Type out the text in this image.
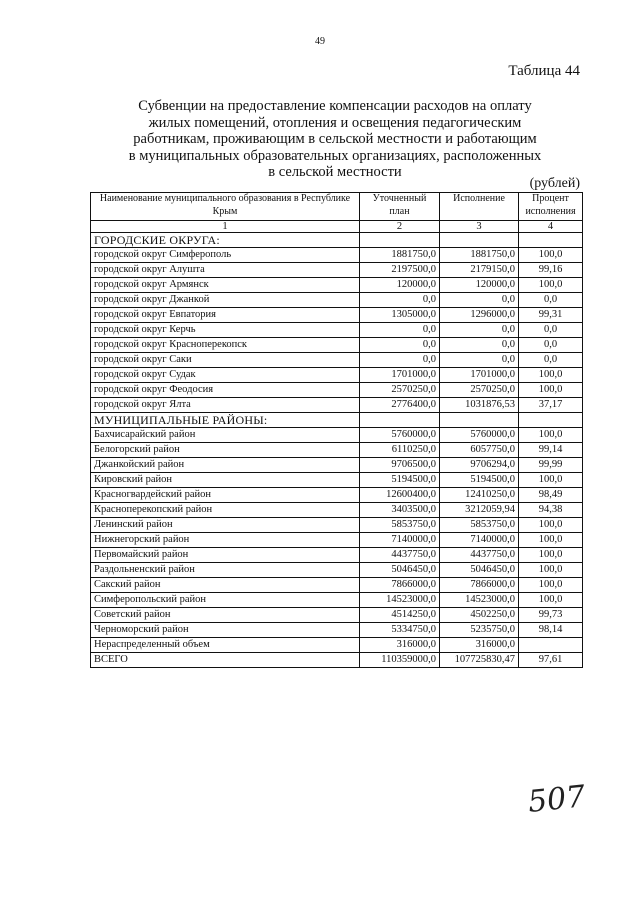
49
Таблица 44
Субвенции на предоставление компенсации расходов на оплату
жилых помещений, отопления и освещения педагогическим
работникам, проживающим в сельской местности и работающим
в муниципальных образовательных организациях, расположенных
в сельской местности
(рублей)
Наименование муниципального образования в Республике Крым	Уточненный план	Исполнение	Процент исполнения
1	2	3	4
ГОРОДСКИЕ ОКРУГА:			
городской округ Симферополь	1881750,0	1881750,0	100,0
городской округ Алушта	2197500,0	2179150,0	99,16
городской округ Армянск	120000,0	120000,0	100,0
городской округ Джанкой	0,0	0,0	0,0
городской округ Евпатория	1305000,0	1296000,0	99,31
городской округ Керчь	0,0	0,0	0,0
городской округ Красноперекопск	0,0	0,0	0,0
городской округ Саки	0,0	0,0	0,0
городской округ Судак	1701000,0	1701000,0	100,0
городской округ Феодосия	2570250,0	2570250,0	100,0
городской округ Ялта	2776400,0	1031876,53	37,17
МУНИЦИПАЛЬНЫЕ РАЙОНЫ:			
Бахчисарайский район	5760000,0	5760000,0	100,0
Белогорский район	6110250,0	6057750,0	99,14
Джанкойский район	9706500,0	9706294,0	99,99
Кировский район	5194500,0	5194500,0	100,0
Красногвардейский район	12600400,0	12410250,0	98,49
Красноперекопский район	3403500,0	3212059,94	94,38
Ленинский район	5853750,0	5853750,0	100,0
Нижнегорский район	7140000,0	7140000,0	100,0
Первомайский район	4437750,0	4437750,0	100,0
Раздольненский район	5046450,0	5046450,0	100,0
Сакский район	7866000,0	7866000,0	100,0
Симферопольский район	14523000,0	14523000,0	100,0
Советский район	4514250,0	4502250,0	99,73
Черноморский район	5334750,0	5235750,0	98,14
Нераспределенный объем	316000,0	316000,0	
ВСЕГО	110359000,0	107725830,47	97,61
507
